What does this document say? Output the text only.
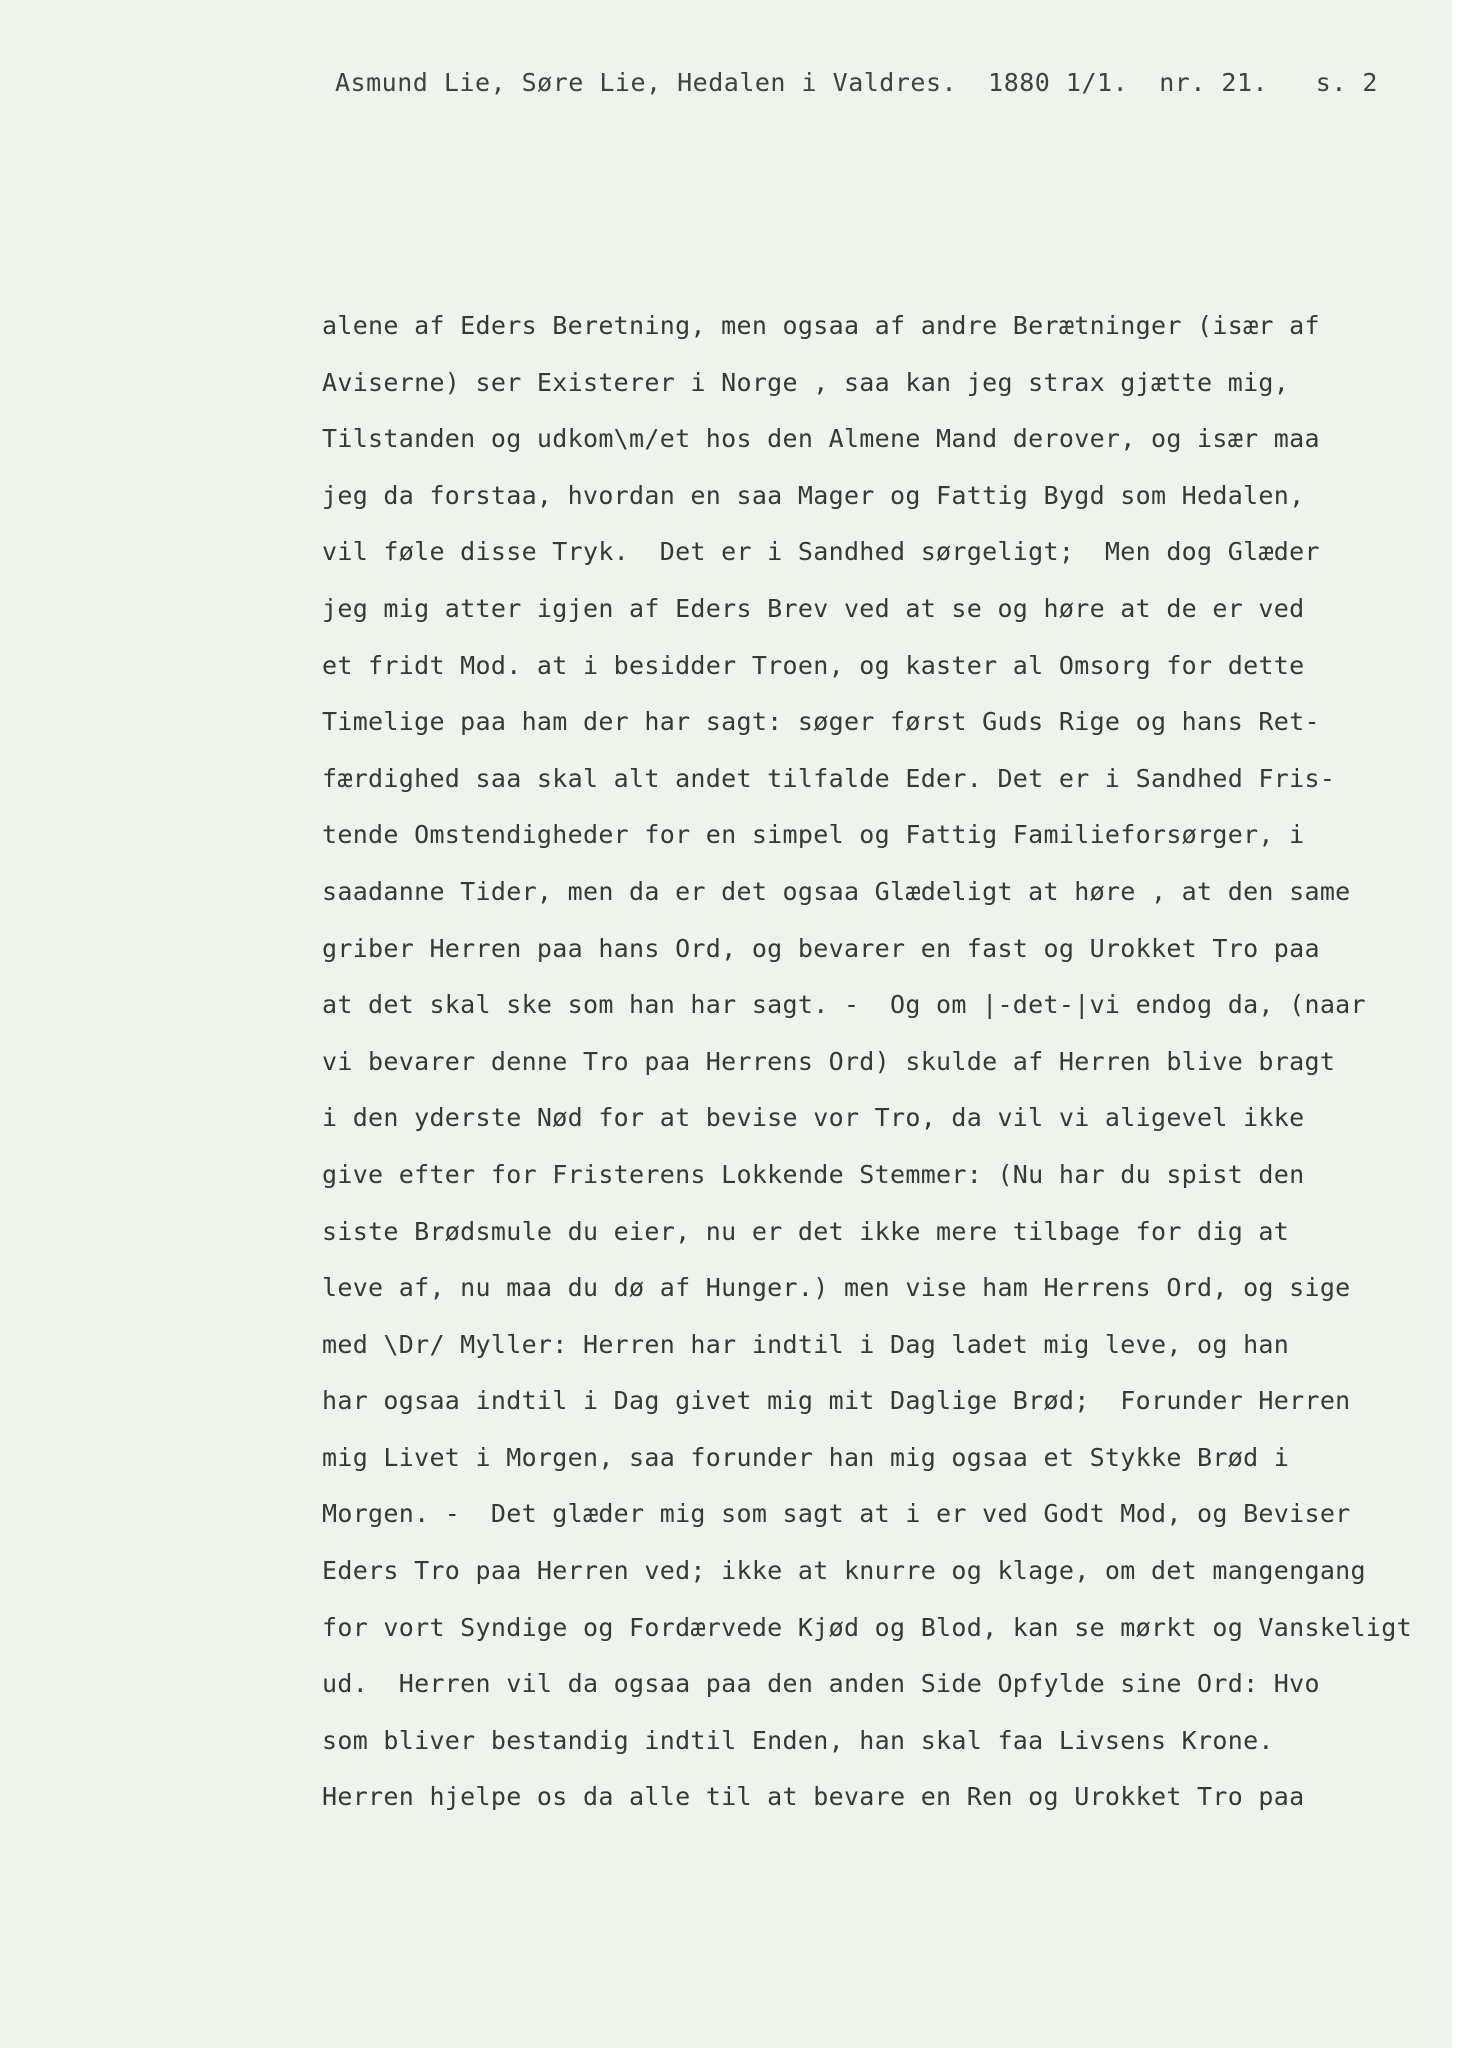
Asmund Lie, Søre Lie, Hedalen i Valdres.  1880 1/1.  nr. 21. s. 2
alene af Eders Beretning, men ogsaa af andre Berætninger (især af
Aviserne) ser Existerer i Norge , saa kan jeg strax gjætte mig,
Tilstanden og udkom\m/et hos den Almene Mand derover, og især maa
jeg da forstaa, hvordan en saa Mager og Fattig Bygd som Hedalen,
vil føle disse Tryk.  Det er i Sandhed sørgeligt;  Men dog Glæder
jeg mig atter igjen af Eders Brev ved at se og høre at de er ved
et fridt Mod. at i besidder Troen, og kaster al Omsorg for dette
Timelige paa ham der har sagt: søger først Guds Rige og hans Ret-
færdighed saa skal alt andet tilfalde Eder. Det er i Sandhed Fris-
tende Omstendigheder for en simpel og Fattig Familieforsørger, i
saadanne Tider, men da er det ogsaa Glædeligt at høre , at den same
griber Herren paa hans Ord, og bevarer en fast og Urokket Tro paa
at det skal ske som han har sagt. -  Og om |-det-|vi endog da, (naar
vi bevarer denne Tro paa Herrens Ord) skulde af Herren blive bragt
i den yderste Nød for at bevise vor Tro, da vil vi aligevel ikke
give efter for Fristerens Lokkende Stemmer: (Nu har du spist den
siste Brødsmule du eier, nu er det ikke mere tilbage for dig at
leve af, nu maa du dø af Hunger.) men vise ham Herrens Ord, og sige
med \Dr/ Myller: Herren har indtil i Dag ladet mig leve, og han
har ogsaa indtil i Dag givet mig mit Daglige Brød;  Forunder Herren
mig Livet i Morgen, saa forunder han mig ogsaa et Stykke Brød i
Morgen. -  Det glæder mig som sagt at i er ved Godt Mod, og Beviser
Eders Tro paa Herren ved; ikke at knurre og klage, om det mangengang
for vort Syndige og Fordærvede Kjød og Blod, kan se mørkt og Vanskeligt
ud.  Herren vil da ogsaa paa den anden Side Opfylde sine Ord: Hvo
som bliver bestandig indtil Enden, han skal faa Livsens Krone.
Herren hjelpe os da alle til at bevare en Ren og Urokket Tro paa
